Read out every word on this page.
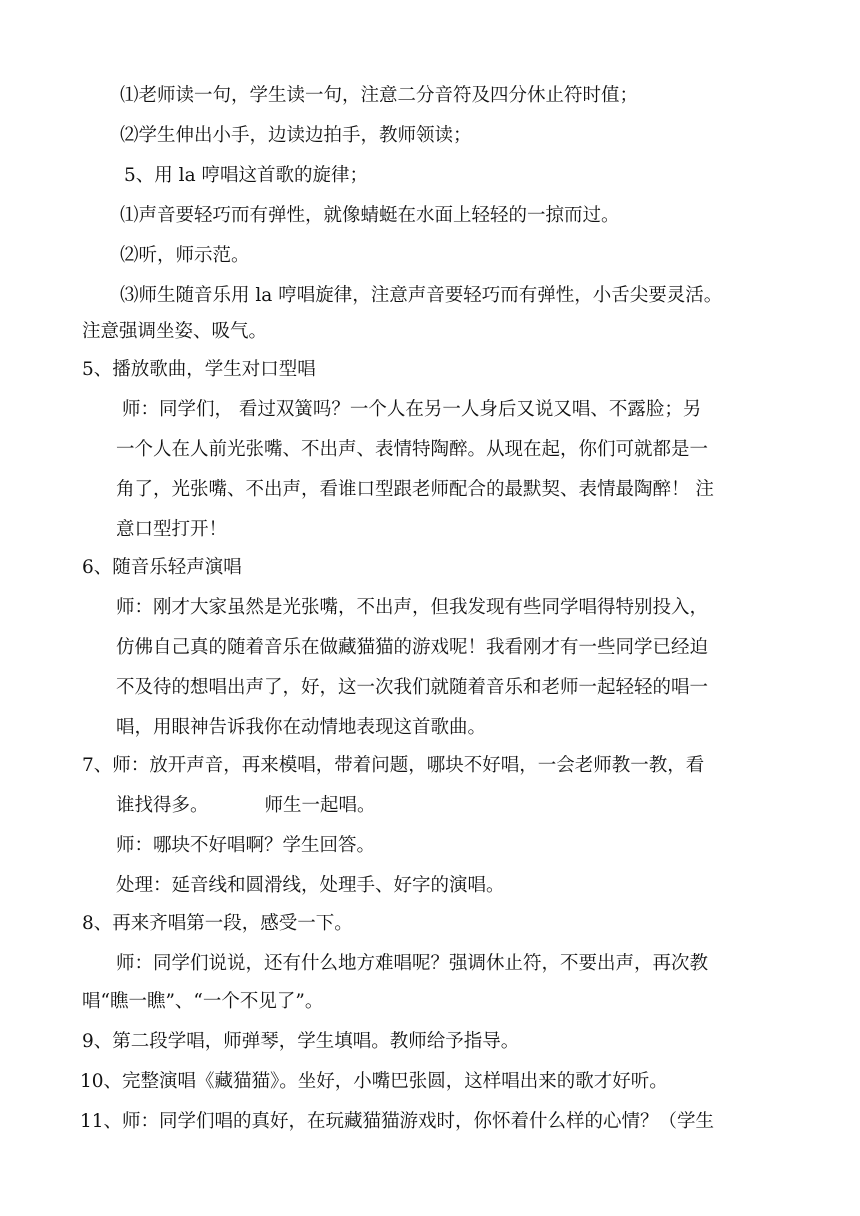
⑴老师读一句，学生读一句，注意二分音符及四分休止符时值；
⑵学生伸出小手，边读边拍手，教师领读；
5、用 la 哼唱这首歌的旋律；
⑴声音要轻巧而有弹性，就像蜻蜓在水面上轻轻的一掠而过。
⑵听，师示范。
⑶师生随音乐用 la 哼唱旋律，注意声音要轻巧而有弹性，小舌尖要灵活。
注意强调坐姿、吸气。
5、播放歌曲，学生对口型唱
师：同学们， 看过双簧吗？一个人在另一人身后又说又唱、不露脸；另
一个人在人前光张嘴、不出声、表情特陶醉。从现在起，你们可就都是一
角了，光张嘴、不出声，看谁口型跟老师配合的最默契、表情最陶醉！ 注
意口型打开！
6、随音乐轻声演唱
师：刚才大家虽然是光张嘴，不出声，但我发现有些同学唱得特别投入，
仿佛自己真的随着音乐在做藏猫猫的游戏呢！我看刚才有一些同学已经迫
不及待的想唱出声了，好，这一次我们就随着音乐和老师一起轻轻的唱一
唱，用眼神告诉我你在动情地表现这首歌曲。
7、师：放开声音，再来模唱，带着问题，哪块不好唱，一会老师教一教，看
谁找得多。	师生一起唱。
师：哪块不好唱啊？学生回答。
处理：延音线和圆滑线，处理手、好字的演唱。
8、再来齐唱第一段，感受一下。
师：同学们说说，还有什么地方难唱呢？强调休止符，不要出声，再次教
唱“瞧一瞧”、“一个不见了”。
9、第二段学唱，师弹琴，学生填唱。教师给予指导。
10、完整演唱《藏猫猫》。坐好，小嘴巴张圆，这样唱出来的歌才好听。
11、师：同学们唱的真好，在玩藏猫猫游戏时，你怀着什么样的心情？（学生
